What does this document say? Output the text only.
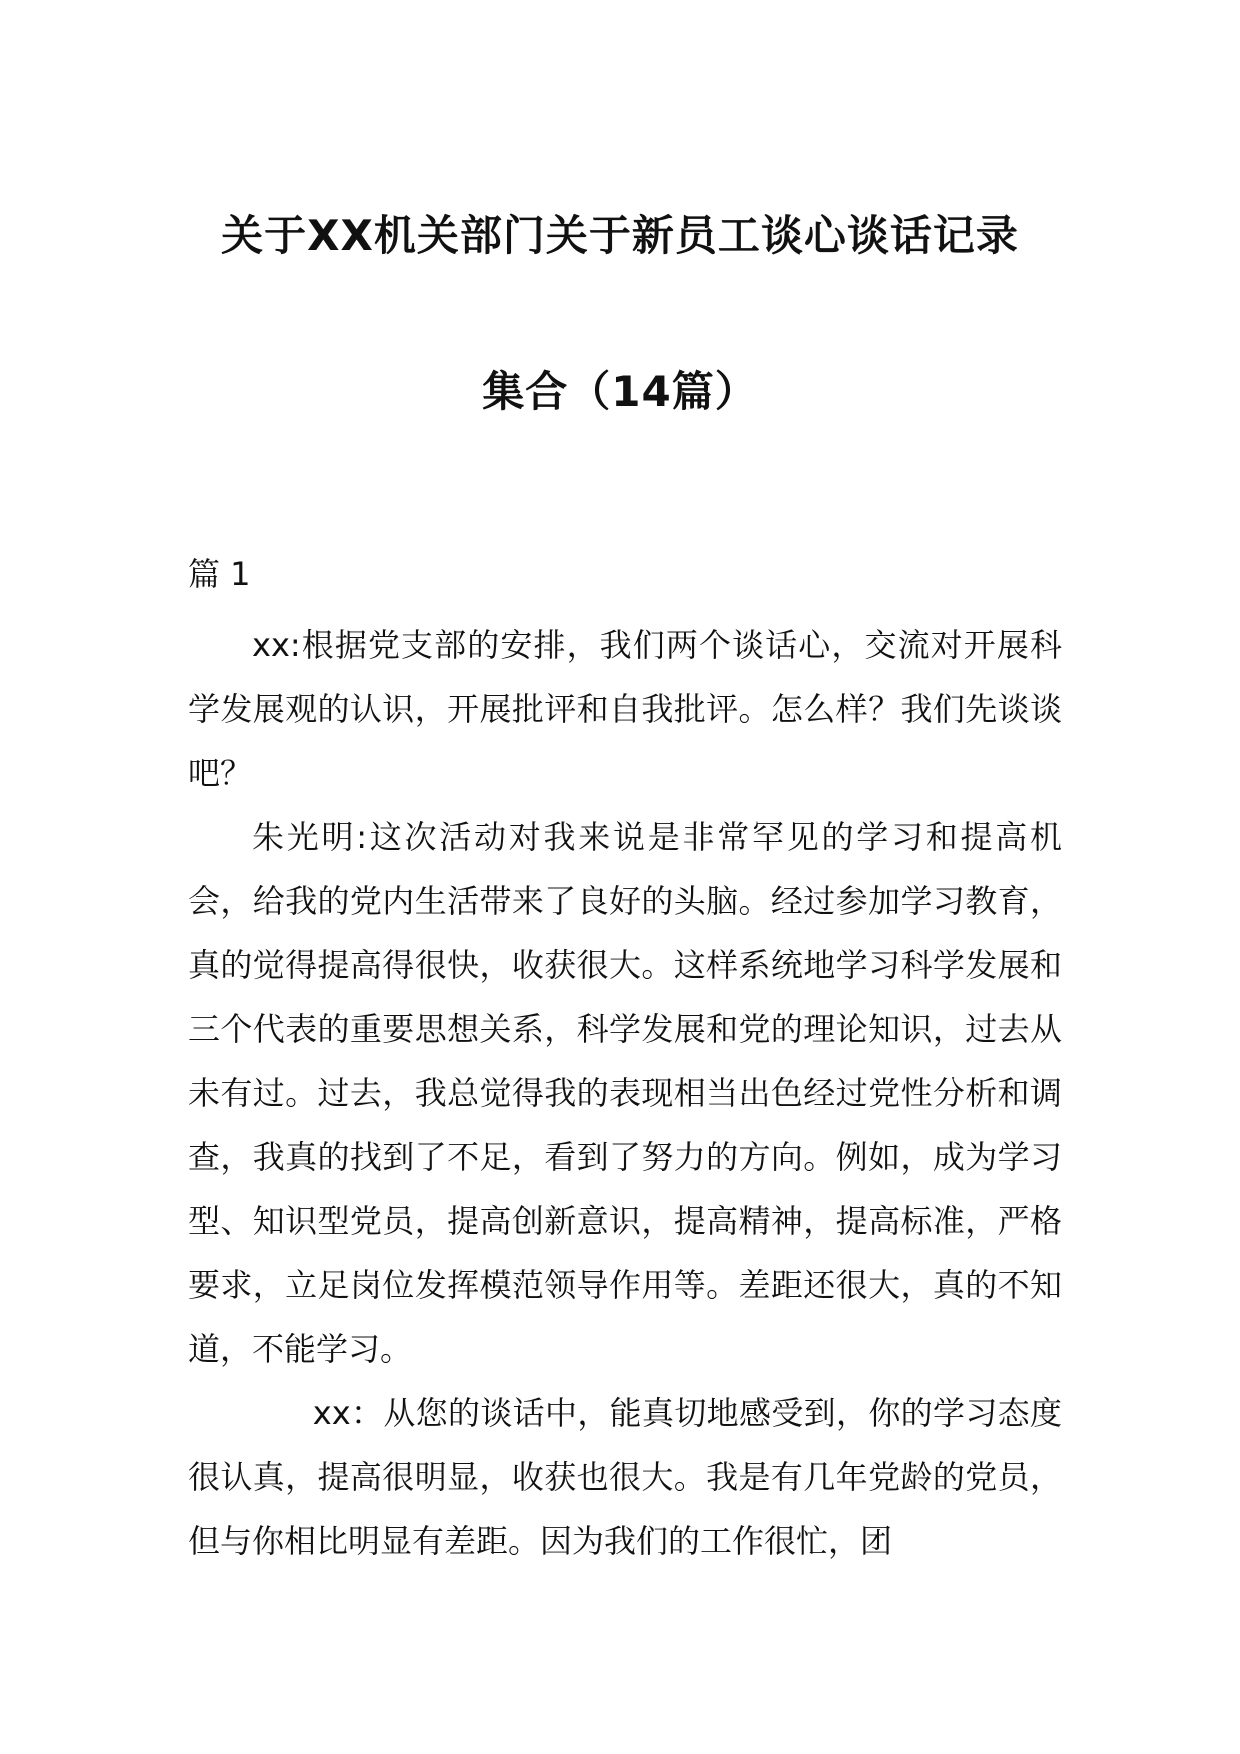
关于XX机关部门关于新员工谈心谈话记录
集合（14篇）
篇 1

xx:根据党支部的安排，我们两个谈话心，交流对开展科学发展观的认识，开展批评和自我批评。怎么样？我们先谈谈吧？

朱光明:这次活动对我来说是非常罕见的学习和提高机会，给我的党内生活带来了良好的头脑。经过参加学习教育，真的觉得提高得很快，收获很大。这样系统地学习科学发展和三个代表的重要思想关系，科学发展和党的理论知识，过去从未有过。过去，我总觉得我的表现相当出色经过党性分析和调查，我真的找到了不足，看到了努力的方向。例如，成为学习型、知识型党员，提高创新意识，提高精神，提高标准，严格要求，立足岗位发挥模范领导作用等。差距还很大，真的不知道，不能学习。

xx：从您的谈话中，能真切地感受到，你的学习态度很认真，提高很明显，收获也很大。我是有几年党龄的党员，但与你相比明显有差距。因为我们的工作很忙，团
